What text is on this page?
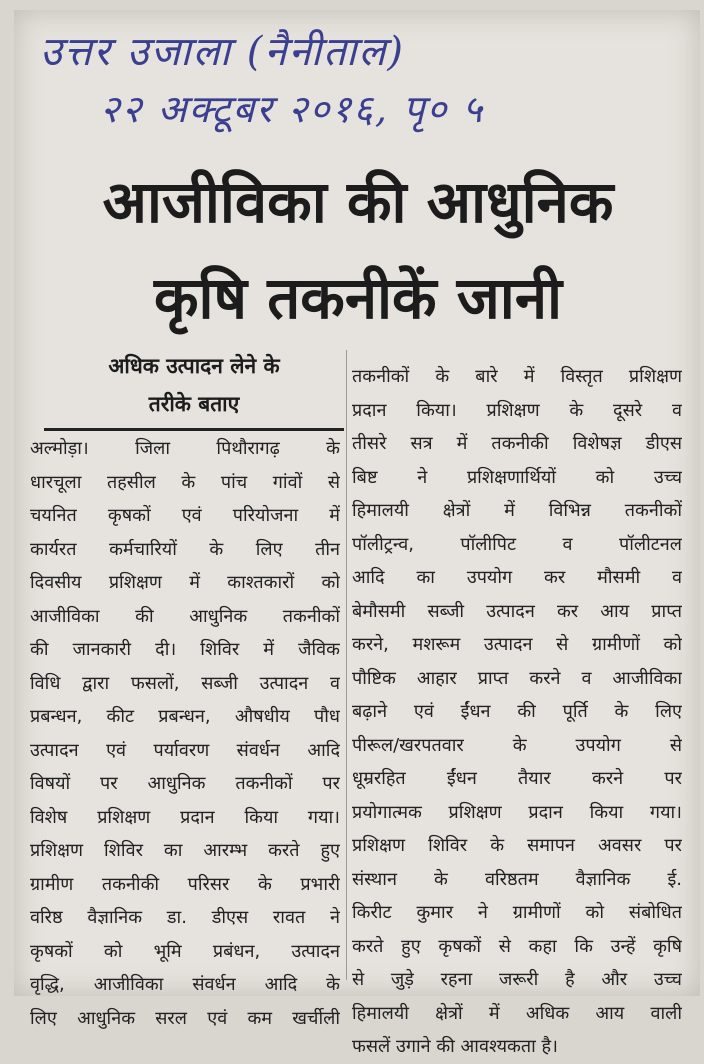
उत्तर उजाला (नैनीताल)
२२ अक्टूबर २०१६, पृ० ५
आजीविका की आधुनिक
कृषि तकनीकें जानी
अधिक उत्पादन लेने के
तरीके बताए
अल्मोड़ा। जिला पिथौरागढ़ के
धारचूला तहसील के पांच गांवों से
चयनित कृषकों एवं परियोजना में
कार्यरत कर्मचारियों के लिए तीन
दिवसीय प्रशिक्षण में काश्तकारों को
आजीविका की आधुनिक तकनीकों
की जानकारी दी। शिविर में जैविक
विधि द्वारा फसलों, सब्जी उत्पादन व
प्रबन्धन, कीट प्रबन्धन, औषधीय पौध
उत्पादन एवं पर्यावरण संवर्धन आदि
विषयों पर आधुनिक तकनीकों पर
विशेष प्रशिक्षण प्रदान किया गया।
प्रशिक्षण शिविर का आरम्भ करते हुए
ग्रामीण तकनीकी परिसर के प्रभारी
वरिष्ठ वैज्ञानिक डा. डीएस रावत ने
कृषकों को भूमि प्रबंधन, उत्पादन
वृद्धि, आजीविका संवर्धन आदि के
लिए आधुनिक सरल एवं कम खर्चीली
तकनीकों के बारे में विस्तृत प्रशिक्षण
प्रदान किया। प्रशिक्षण के दूसरे व
तीसरे सत्र में तकनीकी विशेषज्ञ डीएस
बिष्ट ने प्रशिक्षणार्थियों को उच्च
हिमालयी क्षेत्रों में विभिन्न तकनीकों
पॉलीट्रन्व, पॉलीपिट व पॉलीटनल
आदि का उपयोग कर मौसमी व
बेमौसमी सब्जी उत्पादन कर आय प्राप्त
करने, मशरूम उत्पादन से ग्रामीणों को
पौष्टिक आहार प्राप्त करने व आजीविका
बढ़ाने एवं ईंधन की पूर्ति के लिए
पीरूल/खरपतवार के उपयोग से
धूम्ररहित ईंधन तैयार करने पर
प्रयोगात्मक प्रशिक्षण प्रदान किया गया।
प्रशिक्षण शिविर के समापन अवसर पर
संस्थान के वरिष्ठतम वैज्ञानिक ई.
किरीट कुमार ने ग्रामीणों को संबोधित
करते हुए कृषकों से कहा कि उन्हें कृषि
से जुड़े रहना जरूरी है और उच्च
हिमालयी क्षेत्रों में अधिक आय वाली
फसलें उगाने की आवश्यकता है।
